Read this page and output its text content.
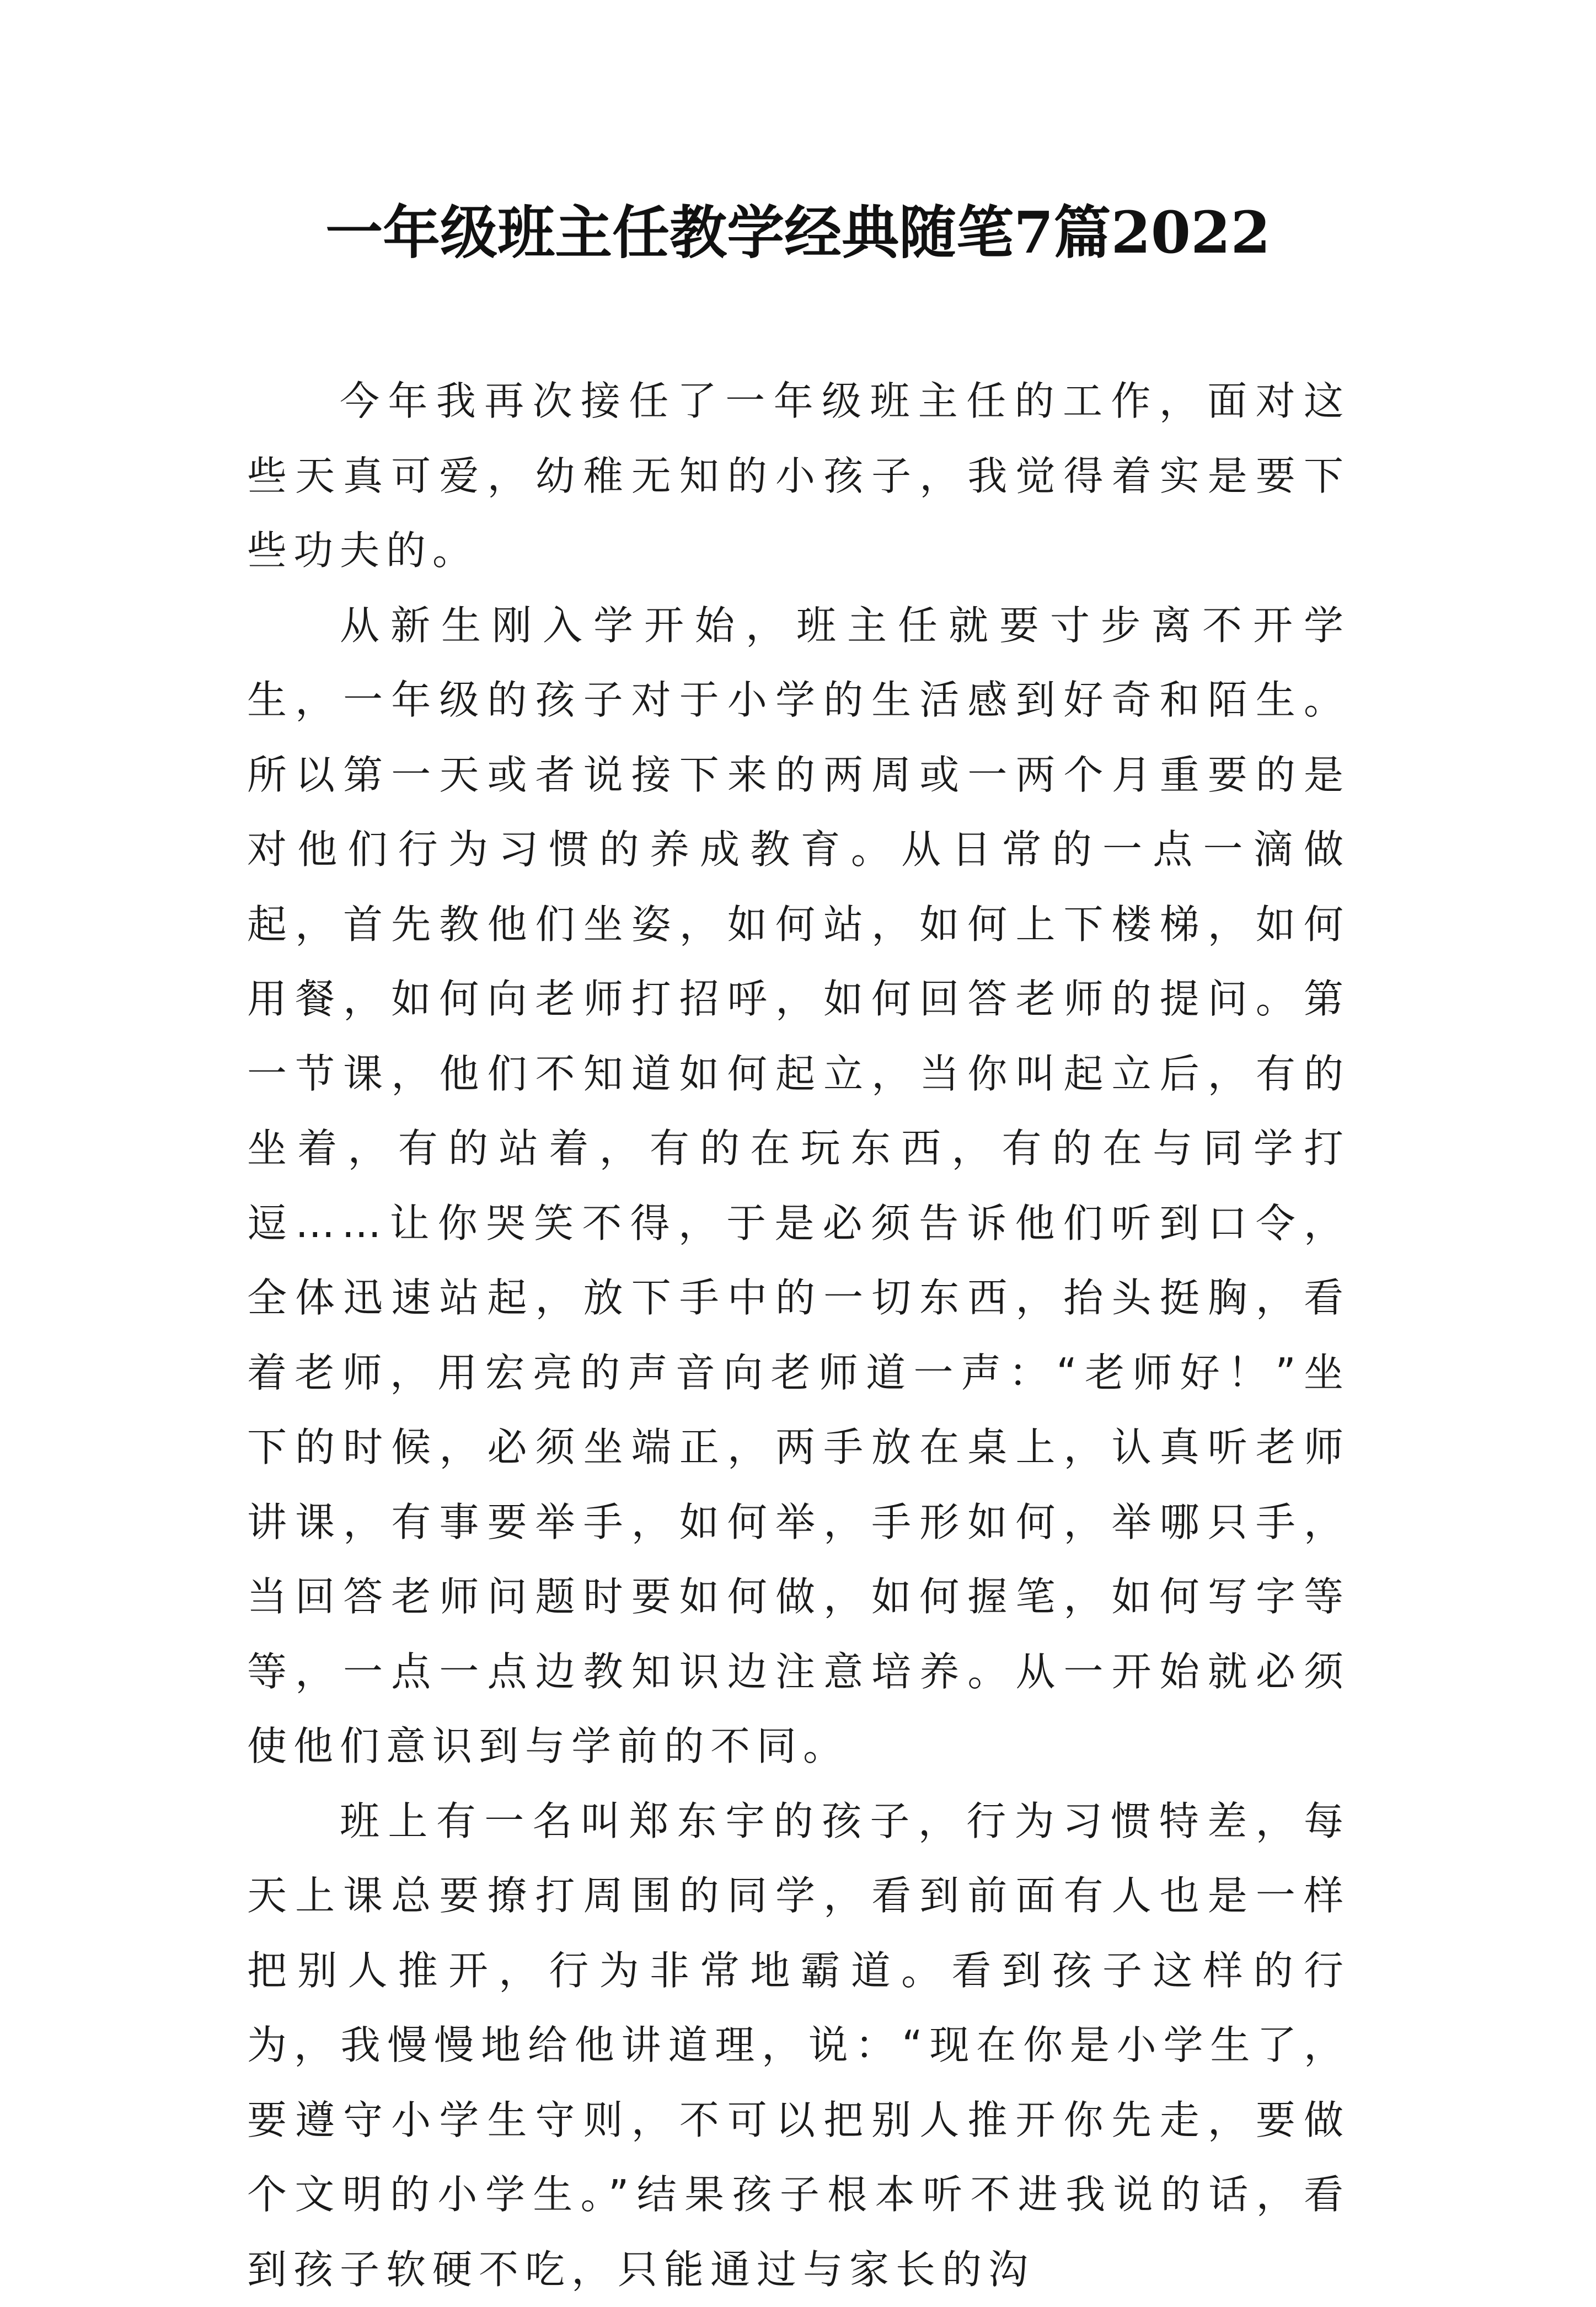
一年级班主任教学经典随笔7篇2022

今年我再次接任了一年级班主任的工作，面对这些天真可爱，幼稚无知的小孩子，我觉得着实是要下些功夫的。

从新生刚入学开始，班主任就要寸步离不开学生，一年级的孩子对于小学的生活感到好奇和陌生。所以第一天或者说接下来的两周或一两个月重要的是对他们行为习惯的养成教育。从日常的一点一滴做起，首先教他们坐姿，如何站，如何上下楼梯，如何用餐，如何向老师打招呼，如何回答老师的提问。第一节课，他们不知道如何起立，当你叫起立后，有的坐着，有的站着，有的在玩东西，有的在与同学打逗……让你哭笑不得，于是必须告诉他们听到口令，全体迅速站起，放下手中的一切东西，抬头挺胸，看着老师，用宏亮的声音向老师道一声：“老师好！”坐下的时候，必须坐端正，两手放在桌上，认真听老师讲课，有事要举手，如何举，手形如何，举哪只手，当回答老师问题时要如何做，如何握笔，如何写字等等，一点一点边教知识边注意培养。从一开始就必须使他们意识到与学前的不同。

班上有一名叫郑东宇的孩子，行为习惯特差，每天上课总要撩打周围的同学，看到前面有人也是一样把别人推开，行为非常地霸道。看到孩子这样的行为，我慢慢地给他讲道理，说：“现在你是小学生了，要遵守小学生守则，不可以把别人推开你先走，要做个文明的小学生。”结果孩子根本听不进我说的话，看到孩子软硬不吃，只能通过与家长的沟
